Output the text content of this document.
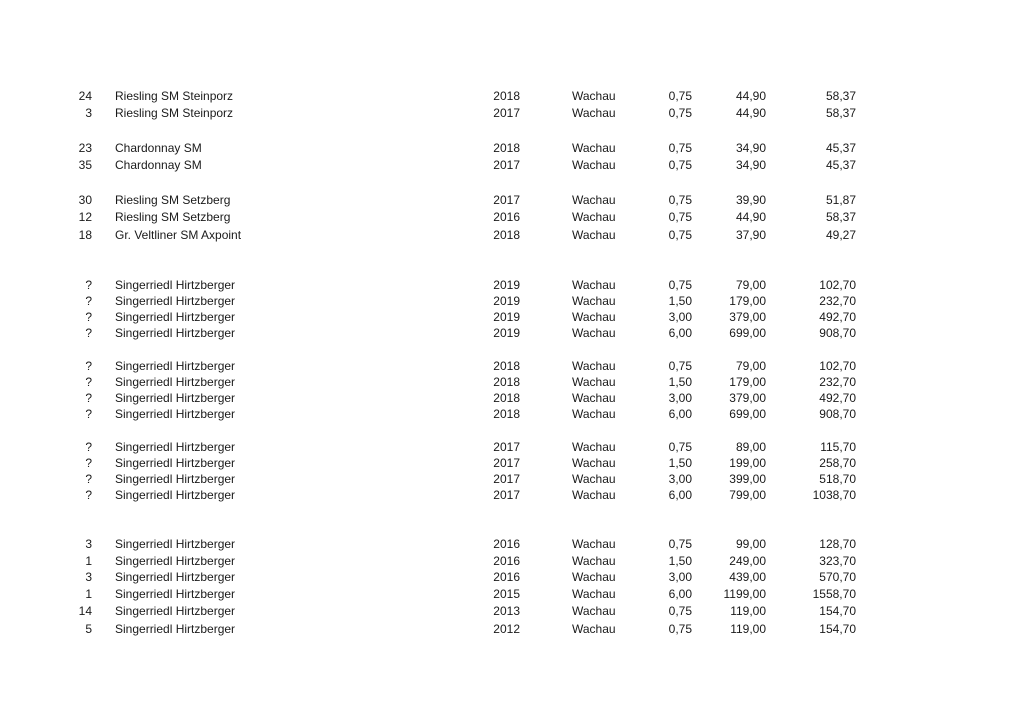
24 Riesling SM Steinporz	2018	Wachau	0,75	44,90	58,37
3 Riesling SM Steinporz	2017	Wachau	0,75	44,90	58,37
23 Chardonnay SM	2018	Wachau	0,75	34,90	45,37
35 Chardonnay SM	2017	Wachau	0,75	34,90	45,37
30 Riesling SM Setzberg	2017	Wachau	0,75	39,90	51,87
12 Riesling SM Setzberg	2016	Wachau	0,75	44,90	58,37
18 Gr. Veltliner SM Axpoint	2018	Wachau	0,75	37,90	49,27
? Singerriedl Hirtzberger	2019	Wachau	0,75	79,00	102,70
? Singerriedl Hirtzberger	2019	Wachau	1,50	179,00	232,70
? Singerriedl Hirtzberger	2019	Wachau	3,00	379,00	492,70
? Singerriedl Hirtzberger	2019	Wachau	6,00	699,00	908,70
? Singerriedl Hirtzberger	2018	Wachau	0,75	79,00	102,70
? Singerriedl Hirtzberger	2018	Wachau	1,50	179,00	232,70
? Singerriedl Hirtzberger	2018	Wachau	3,00	379,00	492,70
? Singerriedl Hirtzberger	2018	Wachau	6,00	699,00	908,70
? Singerriedl Hirtzberger	2017	Wachau	0,75	89,00	115,70
? Singerriedl Hirtzberger	2017	Wachau	1,50	199,00	258,70
? Singerriedl Hirtzberger	2017	Wachau	3,00	399,00	518,70
? Singerriedl Hirtzberger	2017	Wachau	6,00	799,00	1038,70
3 Singerriedl Hirtzberger	2016	Wachau	0,75	99,00	128,70
1 Singerriedl Hirtzberger	2016	Wachau	1,50	249,00	323,70
3 Singerriedl Hirtzberger	2016	Wachau	3,00	439,00	570,70
1 Singerriedl Hirtzberger	2015	Wachau	6,00	1199,00	1558,70
14 Singerriedl Hirtzberger	2013	Wachau	0,75	119,00	154,70
5 Singerriedl Hirtzberger	2012	Wachau	0,75	119,00	154,70
